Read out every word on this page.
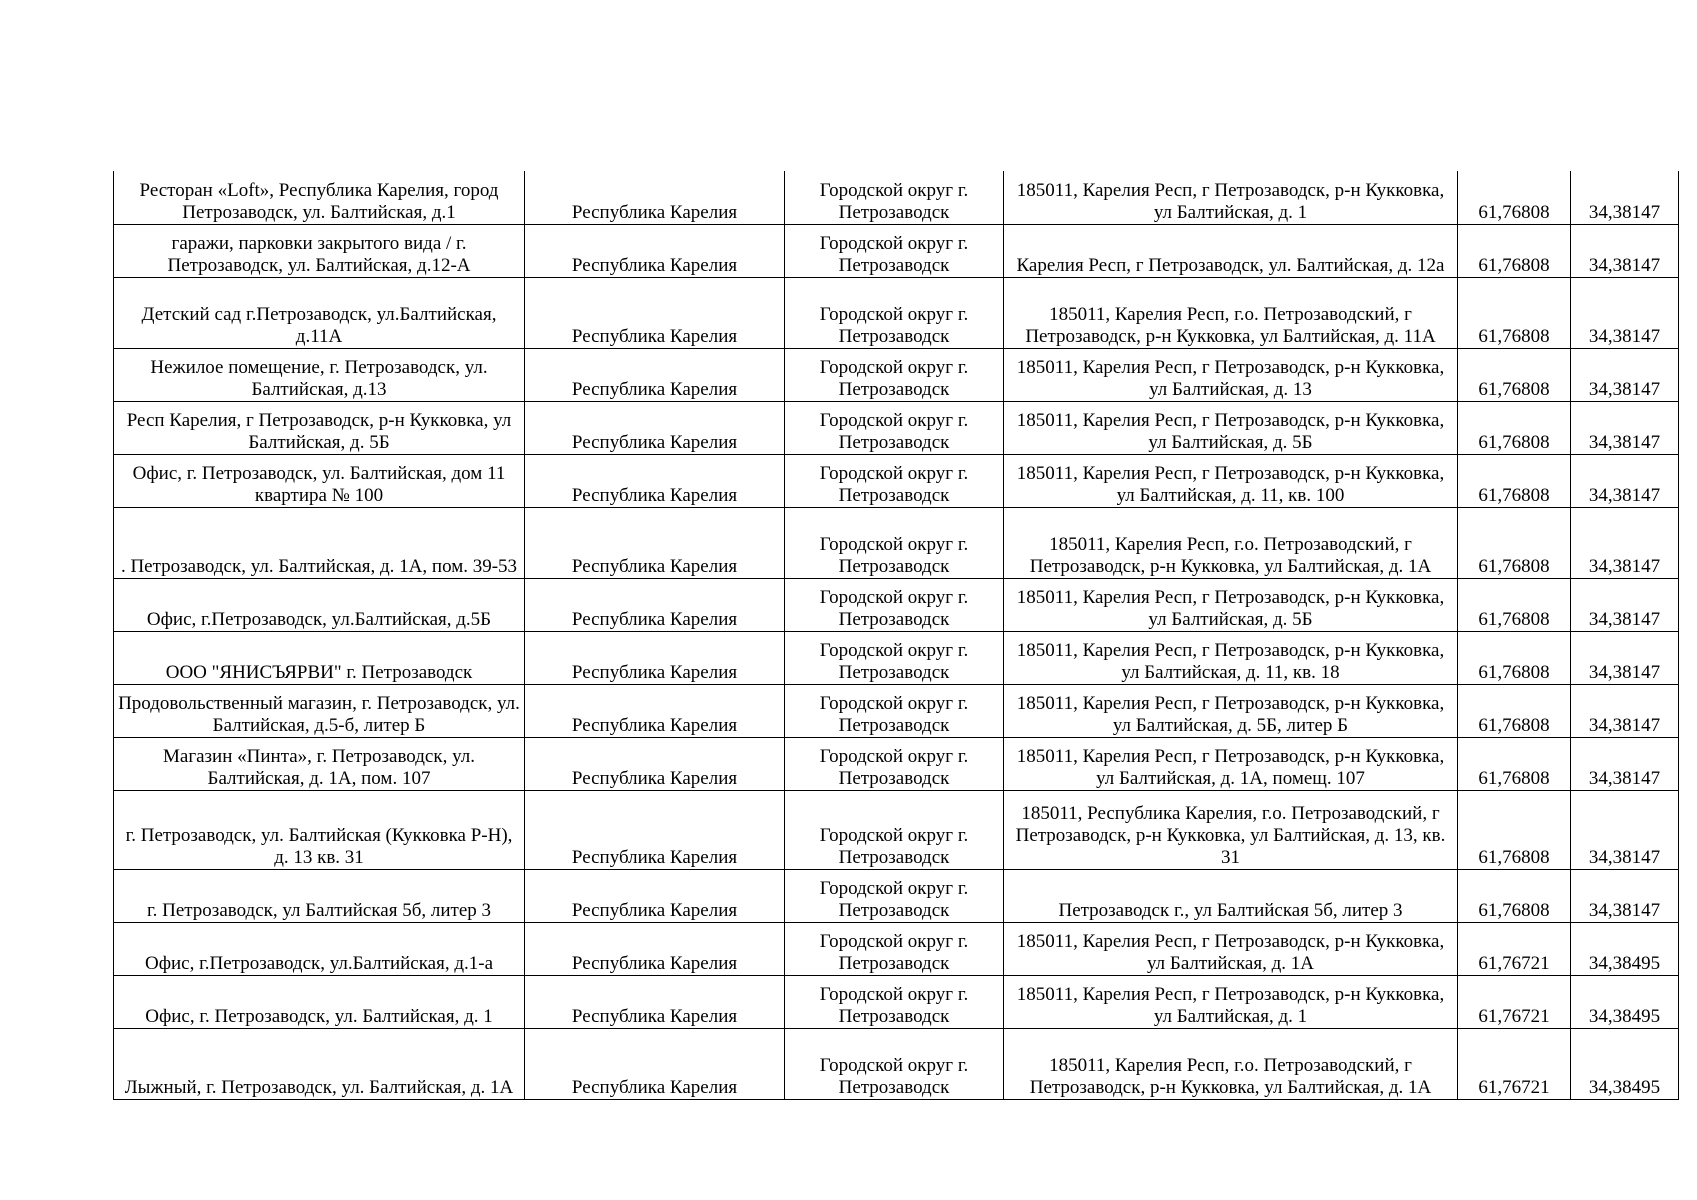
Ресторан «Loft», Республика Карелия, город Петрозаводск, ул. Балтийская, д.1	Республика Карелия	Городской округ г. Петрозаводск	185011, Карелия Респ, г Петрозаводск, р-н Кукковка, ул Балтийская, д. 1	61,76808	34,38147
гаражи, парковки закрытого вида / г. Петрозаводск, ул. Балтийская, д.12-А	Республика Карелия	Городской округ г. Петрозаводск	Карелия Респ, г Петрозаводск, ул. Балтийская, д. 12а	61,76808	34,38147
Детский сад г.Петрозаводск, ул.Балтийская, д.11А	Республика Карелия	Городской округ г. Петрозаводск	185011, Карелия Респ, г.о. Петрозаводский, г Петрозаводск, р-н Кукковка, ул Балтийская, д. 11А	61,76808	34,38147
Нежилое помещение, г. Петрозаводск, ул. Балтийская, д.13	Республика Карелия	Городской округ г. Петрозаводск	185011, Карелия Респ, г Петрозаводск, р-н Кукковка, ул Балтийская, д. 13	61,76808	34,38147
Респ Карелия, г Петрозаводск, р-н Кукковка, ул Балтийская, д. 5Б	Республика Карелия	Городской округ г. Петрозаводск	185011, Карелия Респ, г Петрозаводск, р-н Кукковка, ул Балтийская, д. 5Б	61,76808	34,38147
Офис, г. Петрозаводск, ул. Балтийская, дом 11 квартира № 100	Республика Карелия	Городской округ г. Петрозаводск	185011, Карелия Респ, г Петрозаводск, р-н Кукковка, ул Балтийская, д. 11, кв. 100	61,76808	34,38147
. Петрозаводск, ул. Балтийская, д. 1А, пом. 39-53	Республика Карелия	Городской округ г. Петрозаводск	185011, Карелия Респ, г.о. Петрозаводский, г Петрозаводск, р-н Кукковка, ул Балтийская, д. 1А	61,76808	34,38147
Офис, г.Петрозаводск, ул.Балтийская, д.5Б	Республика Карелия	Городской округ г. Петрозаводск	185011, Карелия Респ, г Петрозаводск, р-н Кукковка, ул Балтийская, д. 5Б	61,76808	34,38147
ООО "ЯНИСЪЯРВИ" г. Петрозаводск	Республика Карелия	Городской округ г. Петрозаводск	185011, Карелия Респ, г Петрозаводск, р-н Кукковка, ул Балтийская, д. 11, кв. 18	61,76808	34,38147
Продовольственный магазин, г. Петрозаводск, ул. Балтийская, д.5-б, литер Б	Республика Карелия	Городской округ г. Петрозаводск	185011, Карелия Респ, г Петрозаводск, р-н Кукковка, ул Балтийская, д. 5Б, литер Б	61,76808	34,38147
Магазин «Пинта», г. Петрозаводск, ул. Балтийская, д. 1А, пом. 107	Республика Карелия	Городской округ г. Петрозаводск	185011, Карелия Респ, г Петрозаводск, р-н Кукковка, ул Балтийская, д. 1А, помещ. 107	61,76808	34,38147
г. Петрозаводск, ул. Балтийская (Кукковка Р-Н), д. 13 кв. 31	Республика Карелия	Городской округ г. Петрозаводск	185011, Республика Карелия, г.о. Петрозаводский, г Петрозаводск, р-н Кукковка, ул Балтийская, д. 13, кв. 31	61,76808	34,38147
г. Петрозаводск, ул Балтийская 5б, литер 3	Республика Карелия	Городской округ г. Петрозаводск	Петрозаводск г., ул Балтийская 5б, литер 3	61,76808	34,38147
Офис, г.Петрозаводск, ул.Балтийская, д.1-а	Республика Карелия	Городской округ г. Петрозаводск	185011, Карелия Респ, г Петрозаводск, р-н Кукковка, ул Балтийская, д. 1А	61,76721	34,38495
Офис, г. Петрозаводск, ул. Балтийская, д. 1	Республика Карелия	Городской округ г. Петрозаводск	185011, Карелия Респ, г Петрозаводск, р-н Кукковка, ул Балтийская, д. 1	61,76721	34,38495
Лыжный, г. Петрозаводск, ул. Балтийская, д. 1А	Республика Карелия	Городской округ г. Петрозаводск	185011, Карелия Респ, г.о. Петрозаводский, г Петрозаводск, р-н Кукковка, ул Балтийская, д. 1А	61,76721	34,38495
